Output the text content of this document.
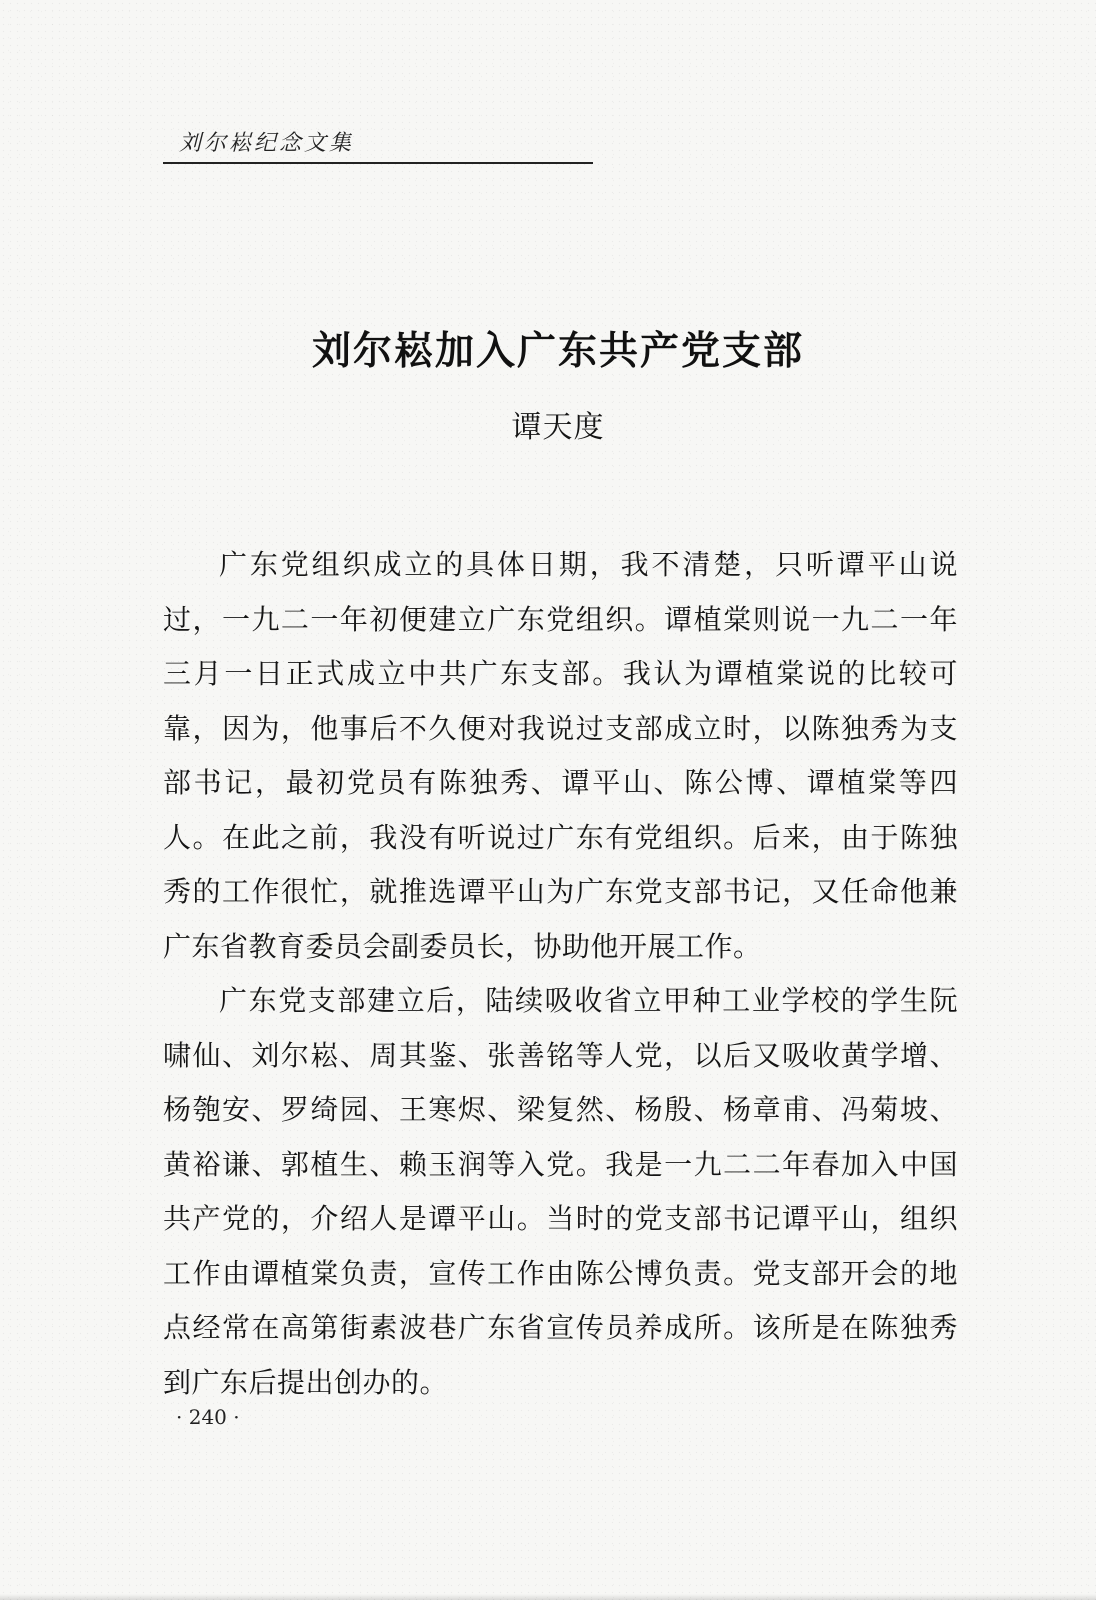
刘尔崧纪念文集
刘尔崧加入广东共产党支部
谭天度

广东党组织成立的具体日期，我不清楚，只听谭平山说过，一九二一年初便建立广东党组织。谭植棠则说一九二一年三月一日正式成立中共广东支部。我认为谭植棠说的比较可靠，因为，他事后不久便对我说过支部成立时，以陈独秀为支部书记，最初党员有陈独秀、谭平山、陈公博、谭植棠等四人。在此之前，我没有听说过广东有党组织。后来，由于陈独秀的工作很忙，就推选谭平山为广东党支部书记，又任命他兼广东省教育委员会副委员长，协助他开展工作。

广东党支部建立后，陆续吸收省立甲种工业学校的学生阮啸仙、刘尔崧、周其鉴、张善铭等人党，以后又吸收黄学增、杨匏安、罗绮园、王寒烬、梁复然、杨殷、杨章甫、冯菊坡、黄裕谦、郭植生、赖玉润等入党。我是一九二二年春加入中国共产党的，介绍人是谭平山。当时的党支部书记谭平山，组织工作由谭植棠负责，宣传工作由陈公博负责。党支部开会的地点经常在高第街素波巷广东省宣传员养成所。该所是在陈独秀到广东后提出创办的。

· 240 ·
